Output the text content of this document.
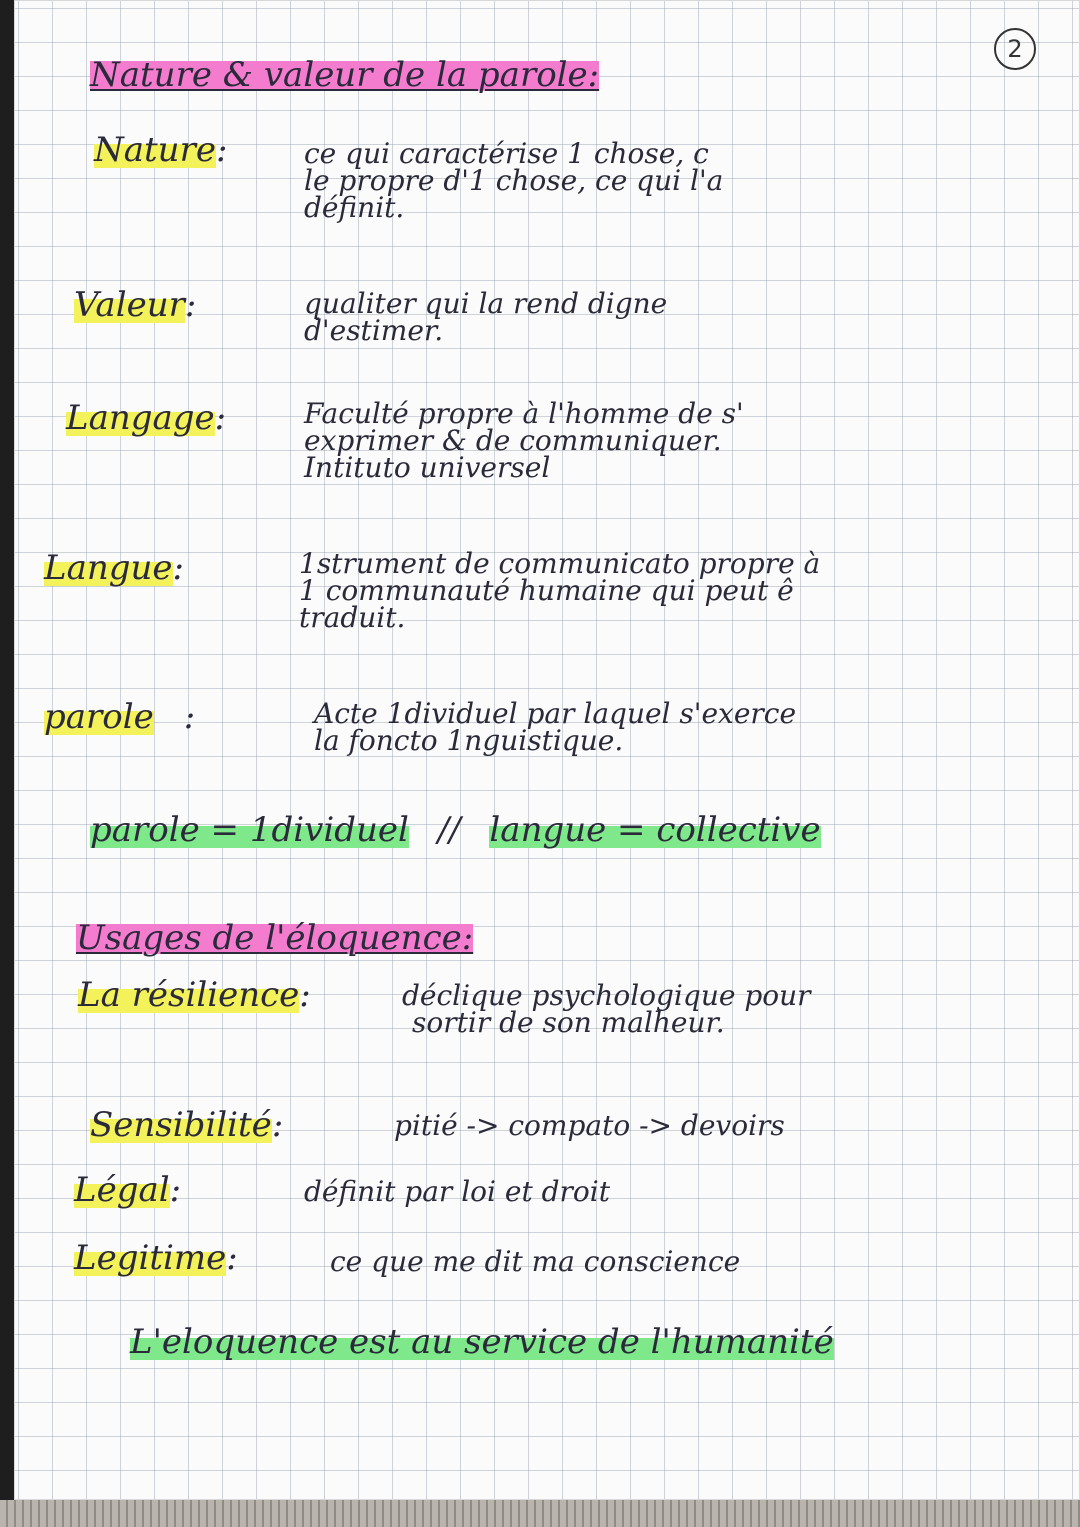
2
Nature & valeur de la parole:
Nature:	ce qui caractérise 1 chose, c
le propre d'1 chose, ce qui l'a
définit.
Valeur:	qualiter qui la rend digne
d'estimer.
Langage:	Faculté propre à l'homme de s'
exprimer & de communiquer.
Intituto universel
Langue:	1strument de communicato propre à
1 communauté humaine qui peut ê
traduit.
parole :	Acte 1dividuel par laquel s'exerce
la foncto 1nguistique.
parole = 1dividuel // langue = collective
Usages de l'éloquence:
La résilience:	déclique psychologique pour
sortir de son malheur.
Sensibilité:	pitié -> compato -> devoirs
Légal:	définit par loi et droit
Legitime:	ce que me dit ma conscience
L'eloquence est au service de l'humanité
